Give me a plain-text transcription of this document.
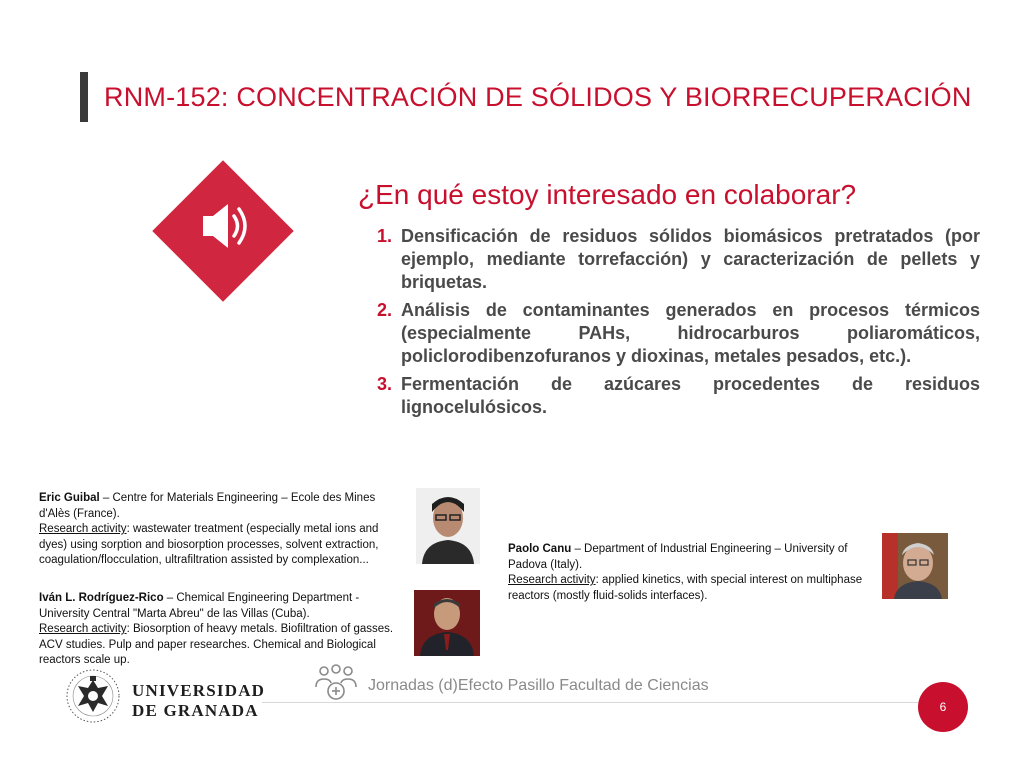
RNM-152: CONCENTRACIÓN DE SÓLIDOS Y BIORRECUPERACIÓN
¿En qué estoy interesado en colaborar?
1. Densificación de residuos sólidos biomásicos pretratados (por ejemplo, mediante torrefacción) y caracterización de pellets y briquetas.
2. Análisis de contaminantes generados en procesos térmicos (especialmente PAHs, hidrocarburos poliaromáticos, policlorodibenzofuranos y dioxinas, metales pesados, etc.).
3. Fermentación de azúcares procedentes de residuos lignocelulósicos.
Eric Guibal – Centre for Materials Engineering – Ecole des Mines d'Alès (France).
Research activity: wastewater treatment (especially metal ions and dyes) using sorption and biosorption processes, solvent extraction, coagulation/flocculation, ultrafiltration assisted by complexation...
Iván L. Rodríguez-Rico – Chemical Engineering Department - University Central "Marta Abreu" de las Villas (Cuba).
Research activity: Biosorption of heavy metals. Biofiltration of gasses. ACV studies. Pulp and paper researches. Chemical and Biological reactors scale up.
Paolo Canu – Department of Industrial Engineering – University of Padova (Italy).
Research activity: applied kinetics, with special interest on multiphase reactors (mostly fluid-solids interfaces).
UNIVERSIDAD
DE GRANADA
Jornadas (d)Efecto Pasillo Facultad de Ciencias
6
